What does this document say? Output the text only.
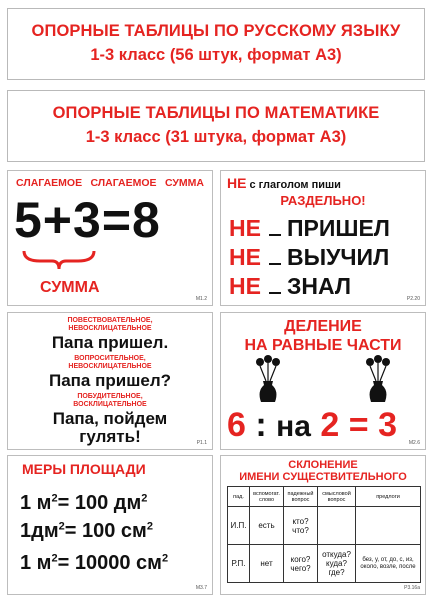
ОПОРНЫЕ ТАБЛИЦЫ ПО РУССКОМУ ЯЗЫКУ
1-3 класс (56 штук, формат А3)
ОПОРНЫЕ ТАБЛИЦЫ ПО МАТЕМАТИКЕ
1-3 класс (31 штука, формат А3)
СЛАГАЕМОЕ СЛАГАЕМОЕ СУММА
5+3=8
СУММА
М1.2
НЕ с глаголом пиши
РАЗДЕЛЬНО!
НЕ ПРИШЕЛ
НЕ ВЫУЧИЛ
НЕ ЗНАЛ	Р2.20
ПОВЕСТВОВАТЕЛЬНОЕ,
НЕВОСКЛИЦАТЕЛЬНОЕ
Папа пришел.
ВОПРОСИТЕЛЬНОЕ,
НЕВОСКЛИЦАТЕЛЬНОЕ
Папа пришел?
ПОБУДИТЕЛЬНОЕ,
ВОСКЛИЦАТЕЛЬНОЕ
Папа, пойдем
гулять!	Р1.1
ДЕЛЕНИЕ
НА РАВНЫЕ ЧАСТИ
6 : на 2 = 3	М2.6
МЕРЫ ПЛОЩАДИ
1 $м^2= 100$ $дм^2$
$1дм^2= 100$ $см^2$
1 $м^2= 10000$ $см^2$
М3.7
СКЛОНЕНИЕ
ИМЕНИ СУЩЕСТВИТЕЛЬНОГО
пад.	вспомогат. слово	падежный вопрос	смысловой вопрос	предлоги
И.П.	есть	кто? что?		
Р.П.	нет	кого? чего?	откуда? куда? где?	без, у, от, до, с, из, около, возле, после
Р3.16а
